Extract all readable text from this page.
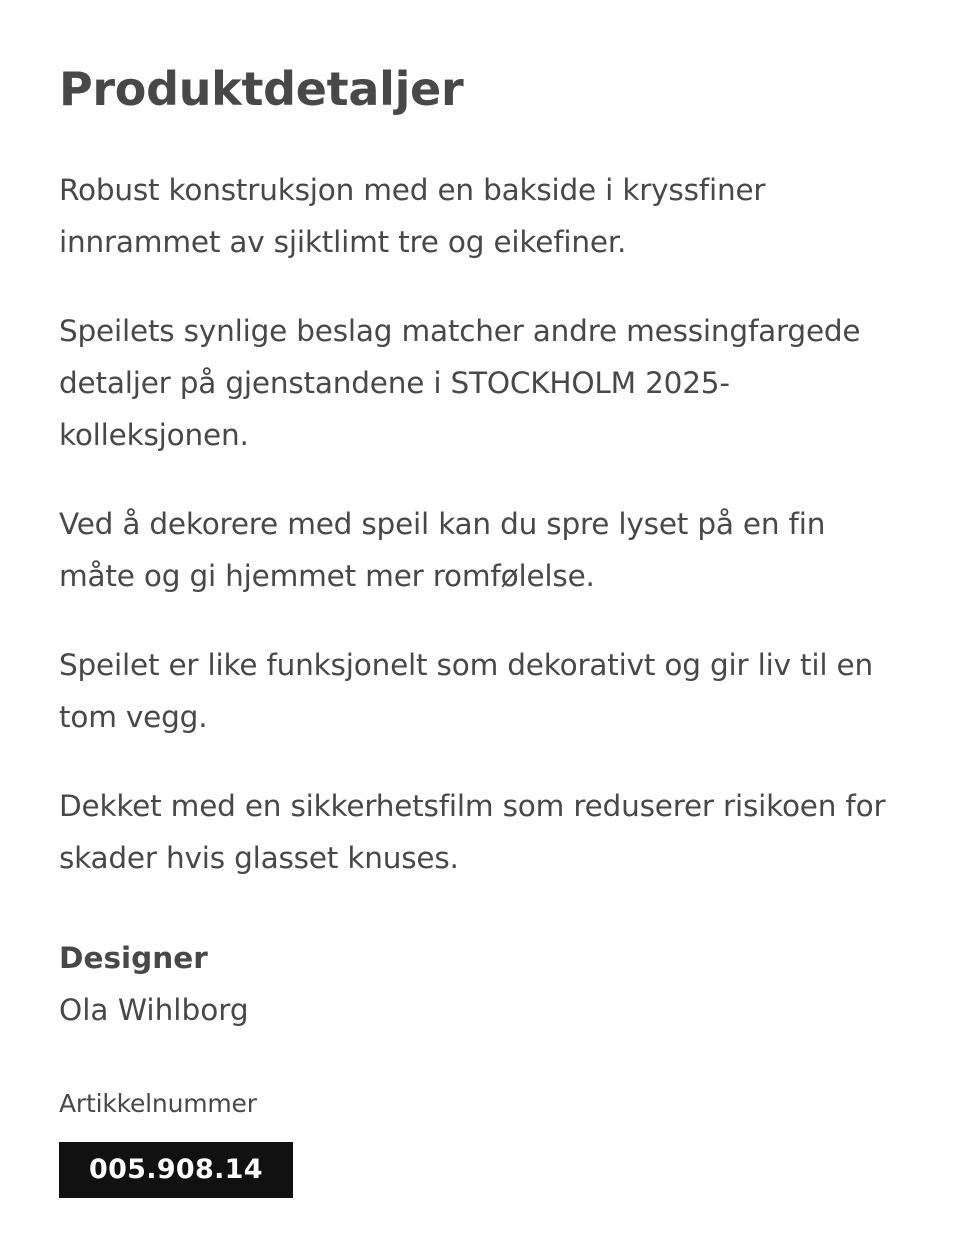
Produktdetaljer

Robust konstruksjon med en bakside i kryssfiner innrammet av sjiktlimt tre og eikefiner.

Speilets synlige beslag matcher andre messingfargede detaljer på gjenstandene i STOCKHOLM 2025-kolleksjonen.

Ved å dekorere med speil kan du spre lyset på en fin måte og gi hjemmet mer romfølelse.

Speilet er like funksjonelt som dekorativt og gir liv til en tom vegg.

Dekket med en sikkerhetsfilm som reduserer risikoen for skader hvis glasset knuses.

Designer

Ola Wihlborg

Artikkelnummer

005.908.14
